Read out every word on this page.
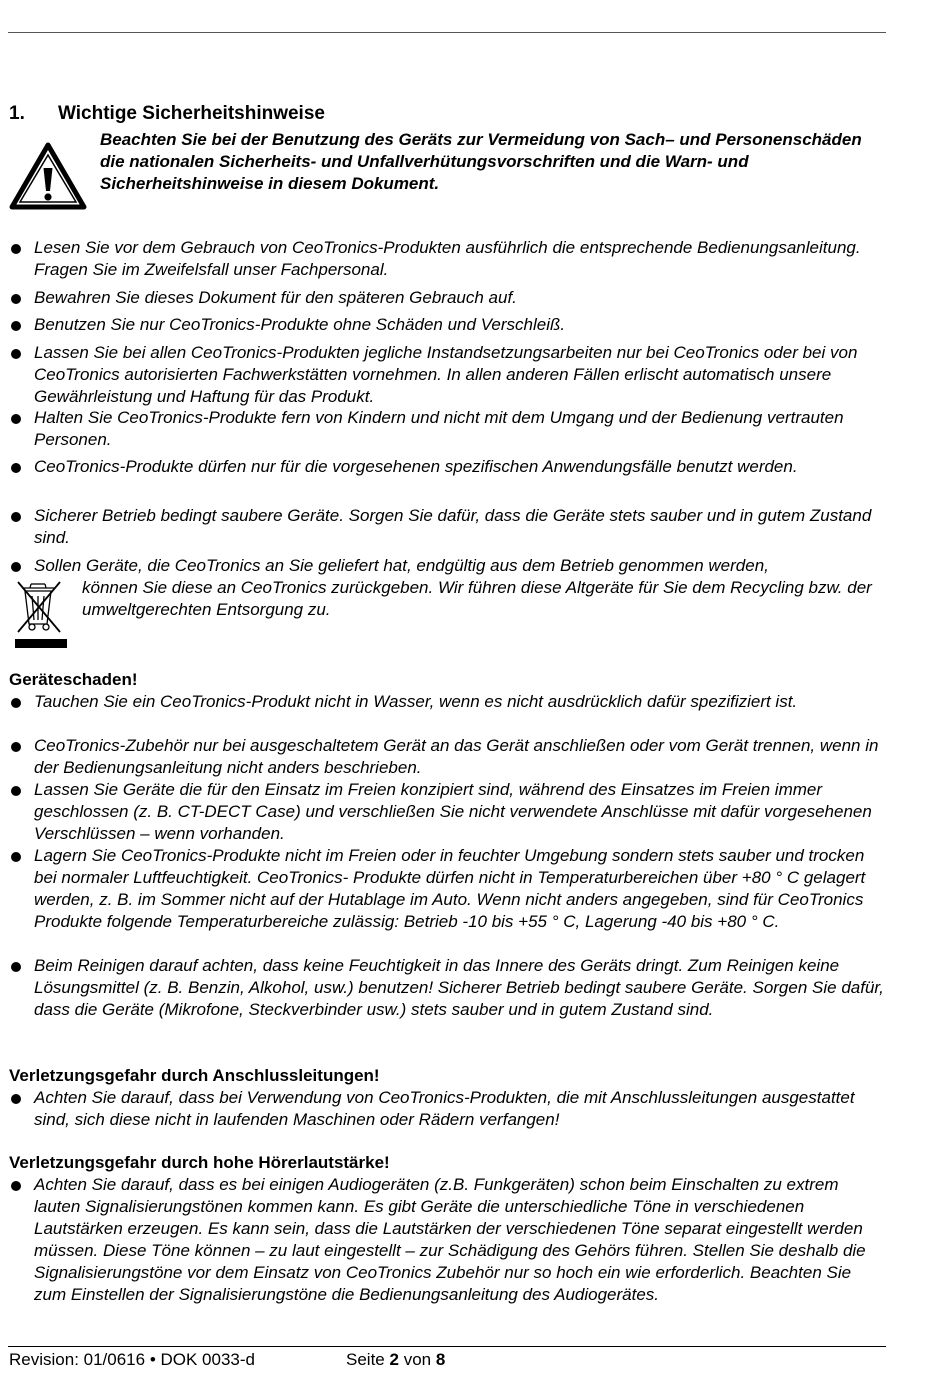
1. Wichtige Sicherheitshinweise
Beachten Sie bei der Benutzung des Geräts zur Vermeidung von Sach– und Personenschäden die nationalen Sicherheits- und Unfallverhütungsvorschriften und die Warn- und Sicherheitshinweise in diesem Dokument.
Lesen Sie vor dem Gebrauch von CeoTronics-Produkten ausführlich die entsprechende Bedienungsanleitung. Fragen Sie im Zweifelsfall unser Fachpersonal.
Bewahren Sie dieses Dokument für den späteren Gebrauch auf.
Benutzen Sie nur CeoTronics-Produkte ohne Schäden und Verschleiß.
Lassen Sie bei allen CeoTronics-Produkten jegliche Instandsetzungsarbeiten nur bei CeoTronics oder bei von CeoTronics autorisierten Fachwerkstätten vornehmen. In allen anderen Fällen erlischt automatisch unsere Gewährleistung und Haftung für das Produkt.
Halten Sie CeoTronics-Produkte fern von Kindern und nicht mit dem Umgang und der Bedienung vertrauten Personen.
CeoTronics-Produkte dürfen nur für die vorgesehenen spezifischen Anwendungsfälle benutzt werden.
Sicherer Betrieb bedingt saubere Geräte. Sorgen Sie dafür, dass die Geräte stets sauber und in gutem Zustand sind.
Sollen Geräte, die CeoTronics an Sie geliefert hat, endgültig aus dem Betrieb genommen werden,
können Sie diese an CeoTronics zurückgeben. Wir führen diese Altgeräte für Sie dem Recycling bzw. der umweltgerechten Entsorgung zu.
Geräteschaden!
Tauchen Sie ein CeoTronics-Produkt nicht in Wasser, wenn es nicht ausdrücklich dafür spezifiziert ist.
CeoTronics-Zubehör nur bei ausgeschaltetem Gerät an das Gerät anschließen oder vom Gerät trennen, wenn in der Bedienungsanleitung nicht anders beschrieben.
Lassen Sie Geräte die für den Einsatz im Freien konzipiert sind, während des Einsatzes im Freien immer geschlossen (z. B. CT-DECT Case) und verschließen Sie nicht verwendete Anschlüsse mit dafür vorgesehenen Verschlüssen – wenn vorhanden.
Lagern Sie CeoTronics-Produkte nicht im Freien oder in feuchter Umgebung sondern stets sauber und trocken bei normaler Luftfeuchtigkeit. CeoTronics- Produkte dürfen nicht in Temperaturbereichen über +80 ° C gelagert werden, z. B. im Sommer nicht auf der Hutablage im Auto. Wenn nicht anders angegeben, sind für CeoTronics Produkte folgende Temperaturbereiche zulässig: Betrieb -10 bis +55 ° C, Lagerung -40 bis +80 ° C.
Beim Reinigen darauf achten, dass keine Feuchtigkeit in das Innere des Geräts dringt. Zum Reinigen keine Lösungsmittel (z. B. Benzin, Alkohol, usw.) benutzen! Sicherer Betrieb bedingt saubere Geräte. Sorgen Sie dafür, dass die Geräte (Mikrofone, Steckverbinder usw.) stets sauber und in gutem Zustand sind.
Verletzungsgefahr durch Anschlussleitungen!
Achten Sie darauf, dass bei Verwendung von CeoTronics-Produkten, die mit Anschlussleitungen ausgestattet sind, sich diese nicht in laufenden Maschinen oder Rädern verfangen!
Verletzungsgefahr durch hohe Hörerlautstärke!
Achten Sie darauf, dass es bei einigen Audiogeräten (z.B. Funkgeräten) schon beim Einschalten zu extrem lauten Signalisierungstönen kommen kann. Es gibt Geräte die unterschiedliche Töne in verschiedenen Lautstärken erzeugen. Es kann sein, dass die Lautstärken der verschiedenen Töne separat eingestellt werden müssen. Diese Töne können – zu laut eingestellt – zur Schädigung des Gehörs führen. Stellen Sie deshalb die Signalisierungstöne vor dem Einsatz von CeoTronics Zubehör nur so hoch ein wie erforderlich. Beachten Sie zum Einstellen der Signalisierungstöne die Bedienungsanleitung des Audiogerätes.
Revision: 01/0616 • DOK 0033-d	Seite 2 von 8
